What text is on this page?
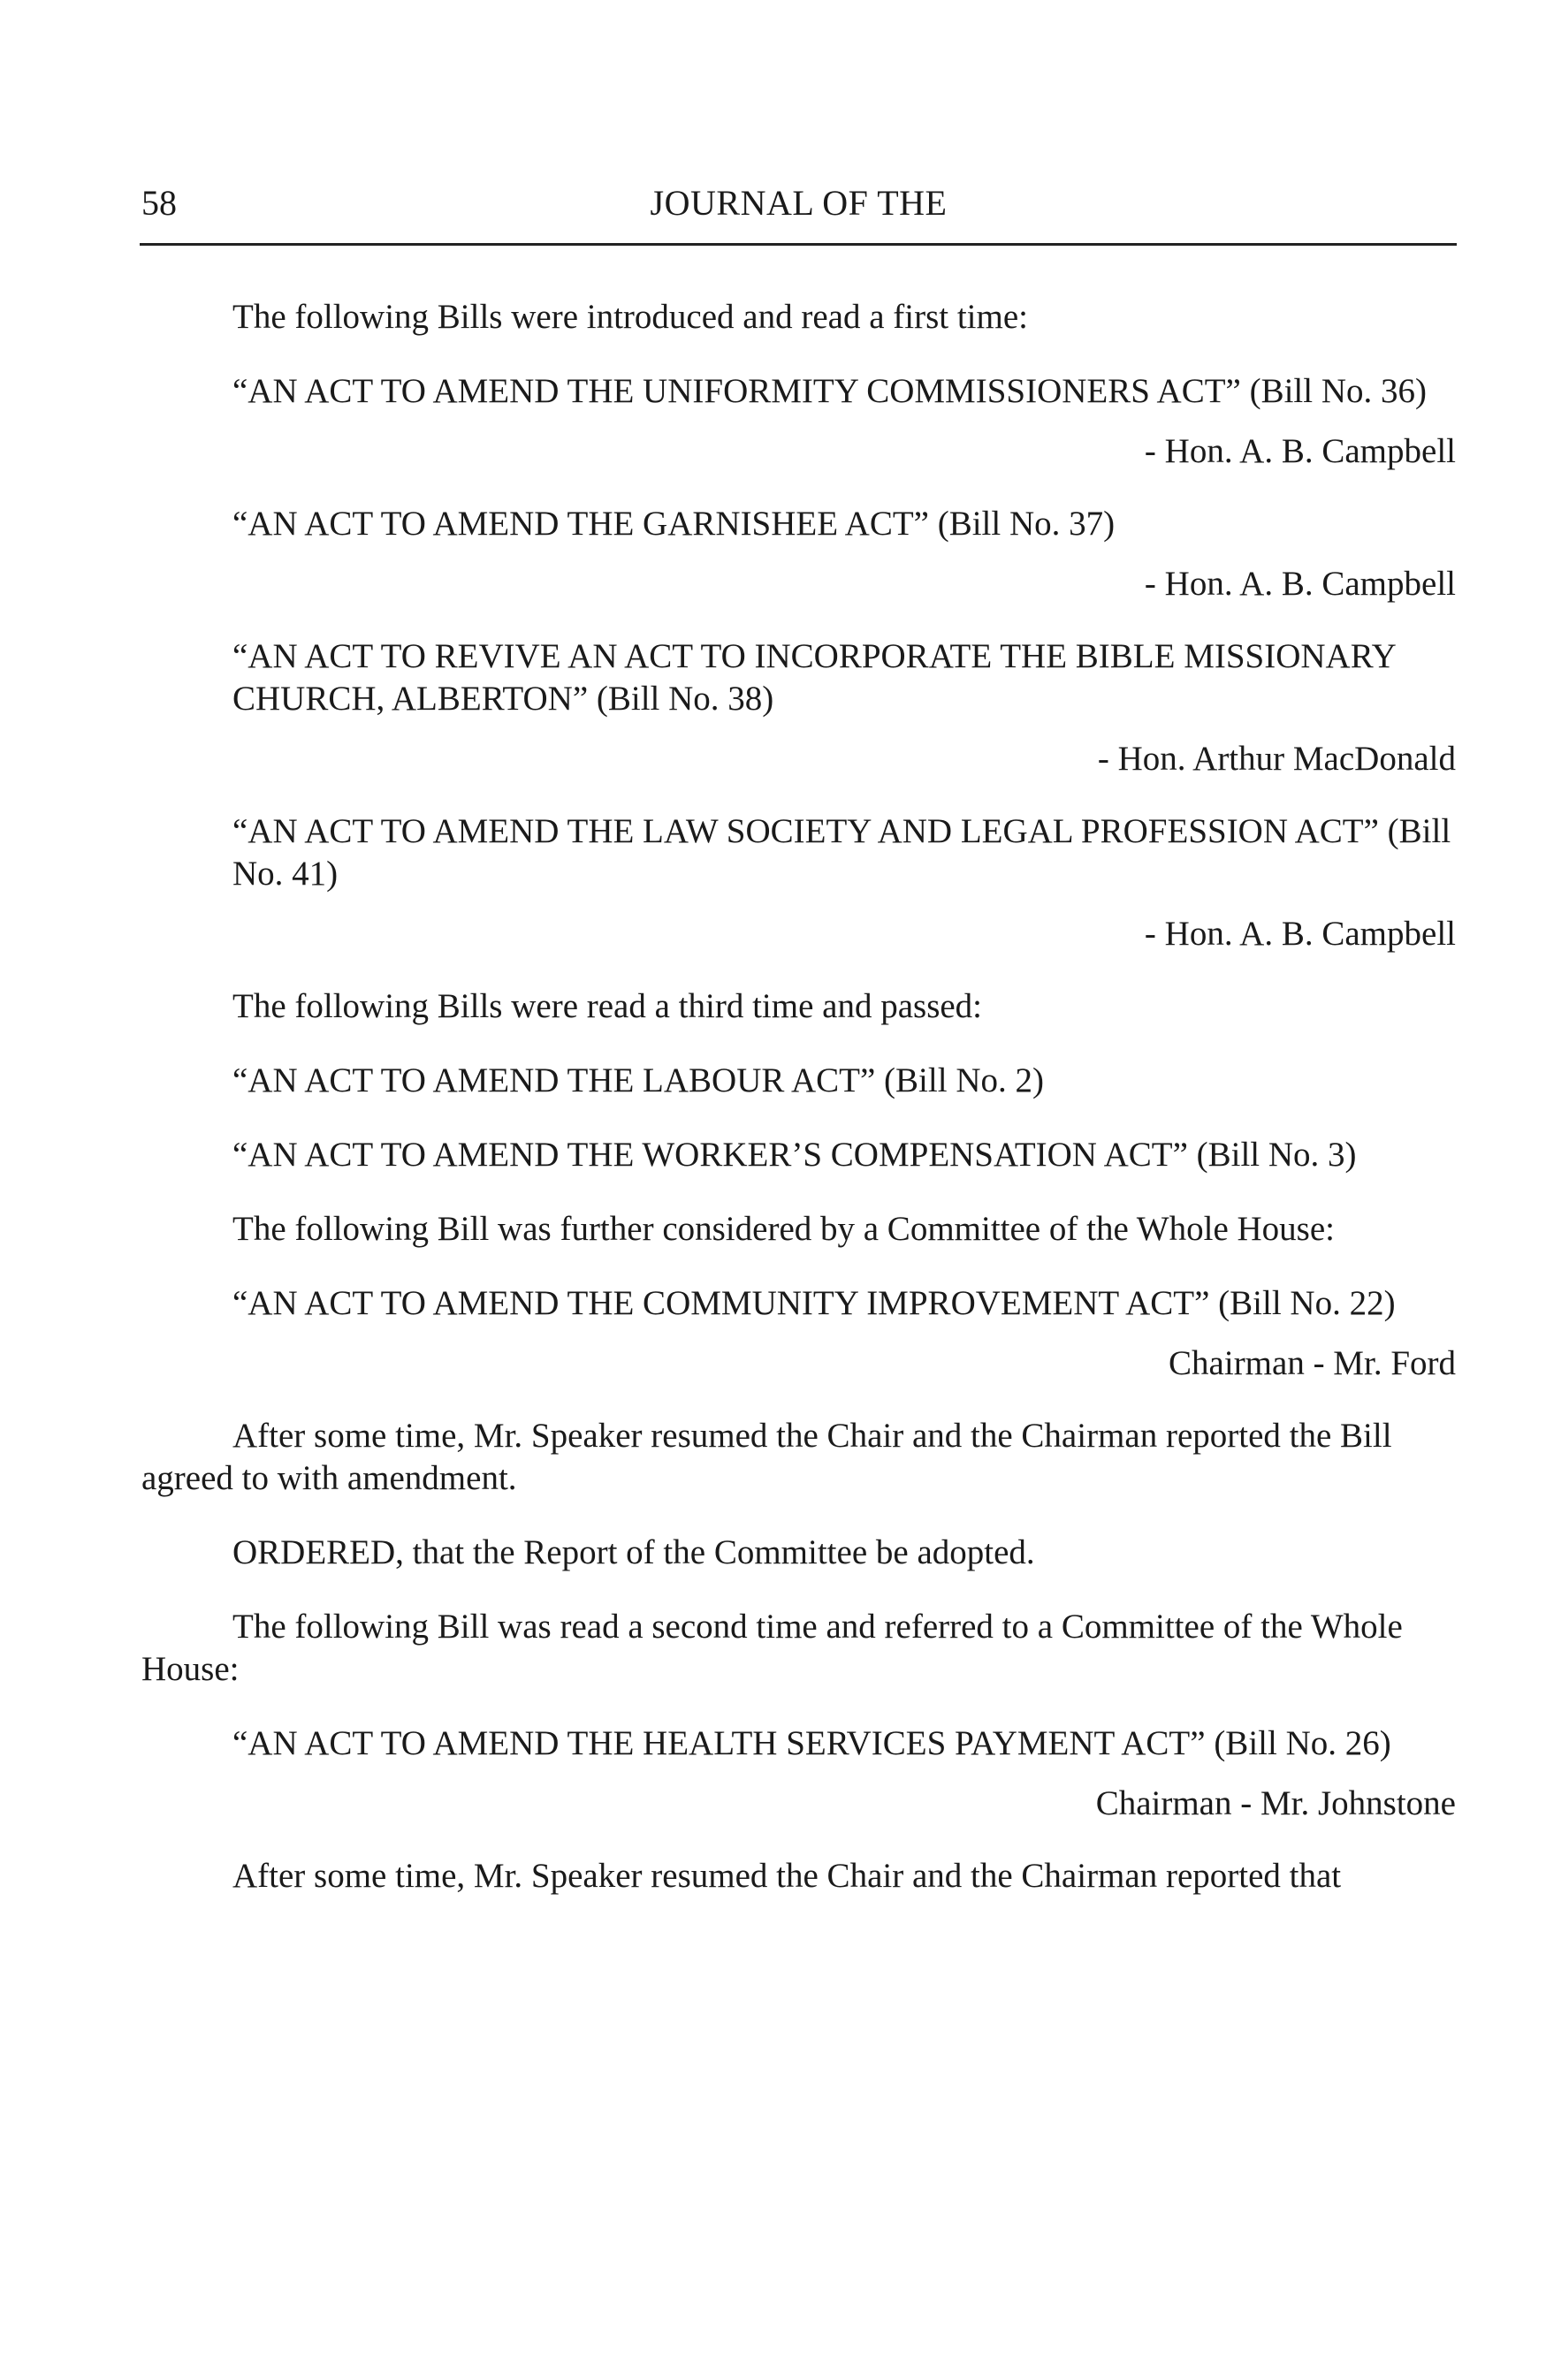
58	JOURNAL OF THE

The following Bills were introduced and read a first time:

“AN ACT TO AMEND THE UNIFORMITY COMMISSIONERS ACT” (Bill No. 36)

- Hon. A. B. Campbell

“AN ACT TO AMEND THE GARNISHEE ACT” (Bill No. 37)

- Hon. A. B. Campbell

“AN ACT TO REVIVE AN ACT TO INCORPORATE THE BIBLE MISSIONARY CHURCH, ALBERTON” (Bill No. 38)

- Hon. Arthur MacDonald

“AN ACT TO AMEND THE LAW SOCIETY AND LEGAL PROFESSION ACT” (Bill No. 41)

- Hon. A. B. Campbell

The following Bills were read a third time and passed:

“AN ACT TO AMEND THE LABOUR ACT” (Bill No. 2)

“AN ACT TO AMEND THE WORKER’S COMPENSATION ACT” (Bill No. 3)

The following Bill was further considered by a Committee of the Whole House:

“AN ACT TO AMEND THE COMMUNITY IMPROVEMENT ACT” (Bill No. 22)

Chairman - Mr. Ford

After some time, Mr. Speaker resumed the Chair and the Chairman reported the Bill agreed to with amendment.

ORDERED, that the Report of the Committee be adopted.

The following Bill was read a second time and referred to a Committee of the Whole House:

“AN ACT TO AMEND THE HEALTH SERVICES PAYMENT ACT” (Bill No. 26)

Chairman - Mr. Johnstone

After some time, Mr. Speaker resumed the Chair and the Chairman reported that
